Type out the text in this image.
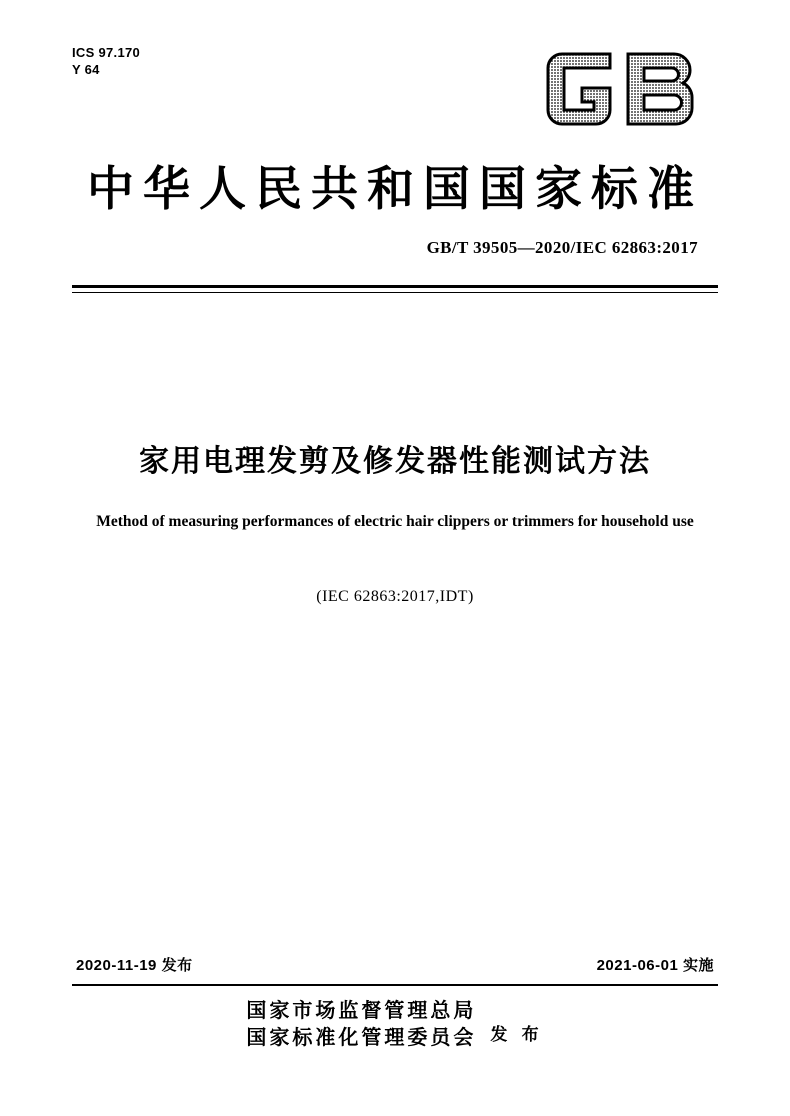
ICS 97.170
Y 64
中华人民共和国国家标准
GB/T 39505—2020/IEC 62863:2017
家用电理发剪及修发器性能测试方法
Method of measuring performances of electric hair clippers or trimmers for household use
(IEC 62863:2017,IDT)
2020-11-19 发布	2021-06-01 实施
国家市场监督管理总局
国家标准化管理委员会 发 布
